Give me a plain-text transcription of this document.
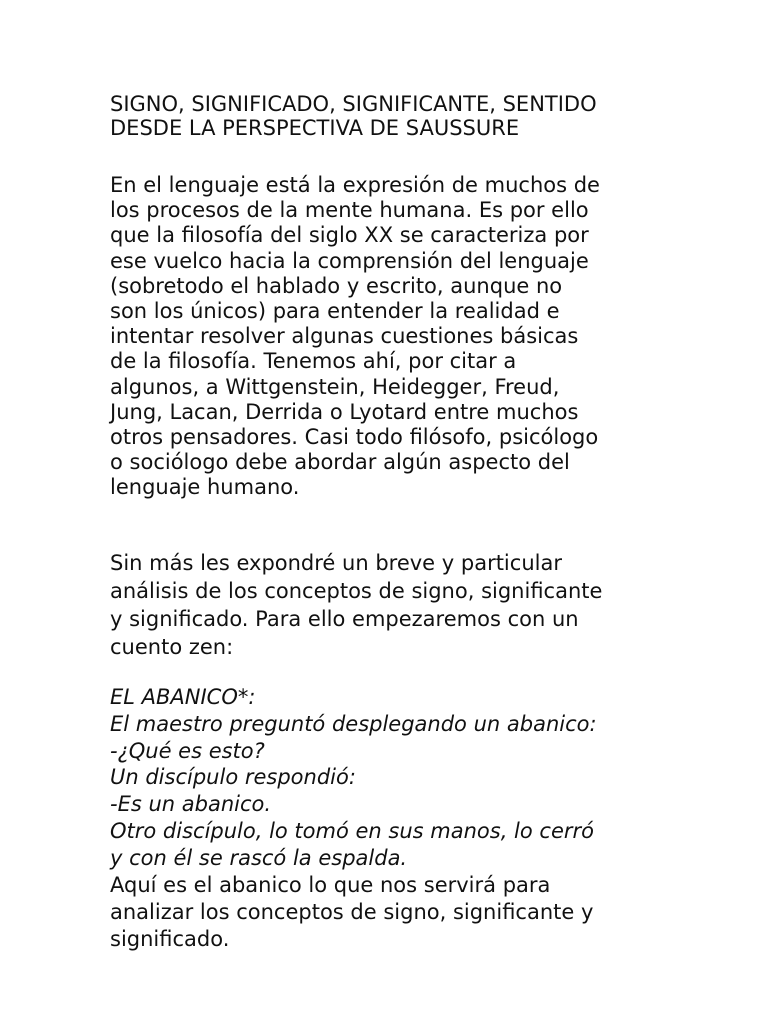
SIGNO, SIGNIFICADO, SIGNIFICANTE, SENTIDO
DESDE LA PERSPECTIVA DE SAUSSURE
En el lenguaje está la expresión de muchos de
los procesos de la mente humana. Es por ello
que la filosofía del siglo XX se caracteriza por
ese vuelco hacia la comprensión del lenguaje
(sobretodo el hablado y escrito, aunque no
son los únicos) para entender la realidad e
intentar resolver algunas cuestiones básicas
de la filosofía. Tenemos ahí, por citar a
algunos, a Wittgenstein, Heidegger, Freud,
Jung, Lacan, Derrida o Lyotard entre muchos
otros pensadores. Casi todo filósofo, psicólogo
o sociólogo debe abordar algún aspecto del
lenguaje humano.
Sin más les expondré un breve y particular
análisis de los conceptos de signo, significante
y significado. Para ello empezaremos con un
cuento zen:
EL ABANICO*:
El maestro preguntó desplegando un abanico:
-¿Qué es esto?
Un discípulo respondió:
-Es un abanico.
Otro discípulo, lo tomó en sus manos, lo cerró
y con él se rascó la espalda.
Aquí es el abanico lo que nos servirá para
analizar los conceptos de signo, significante y
significado.
